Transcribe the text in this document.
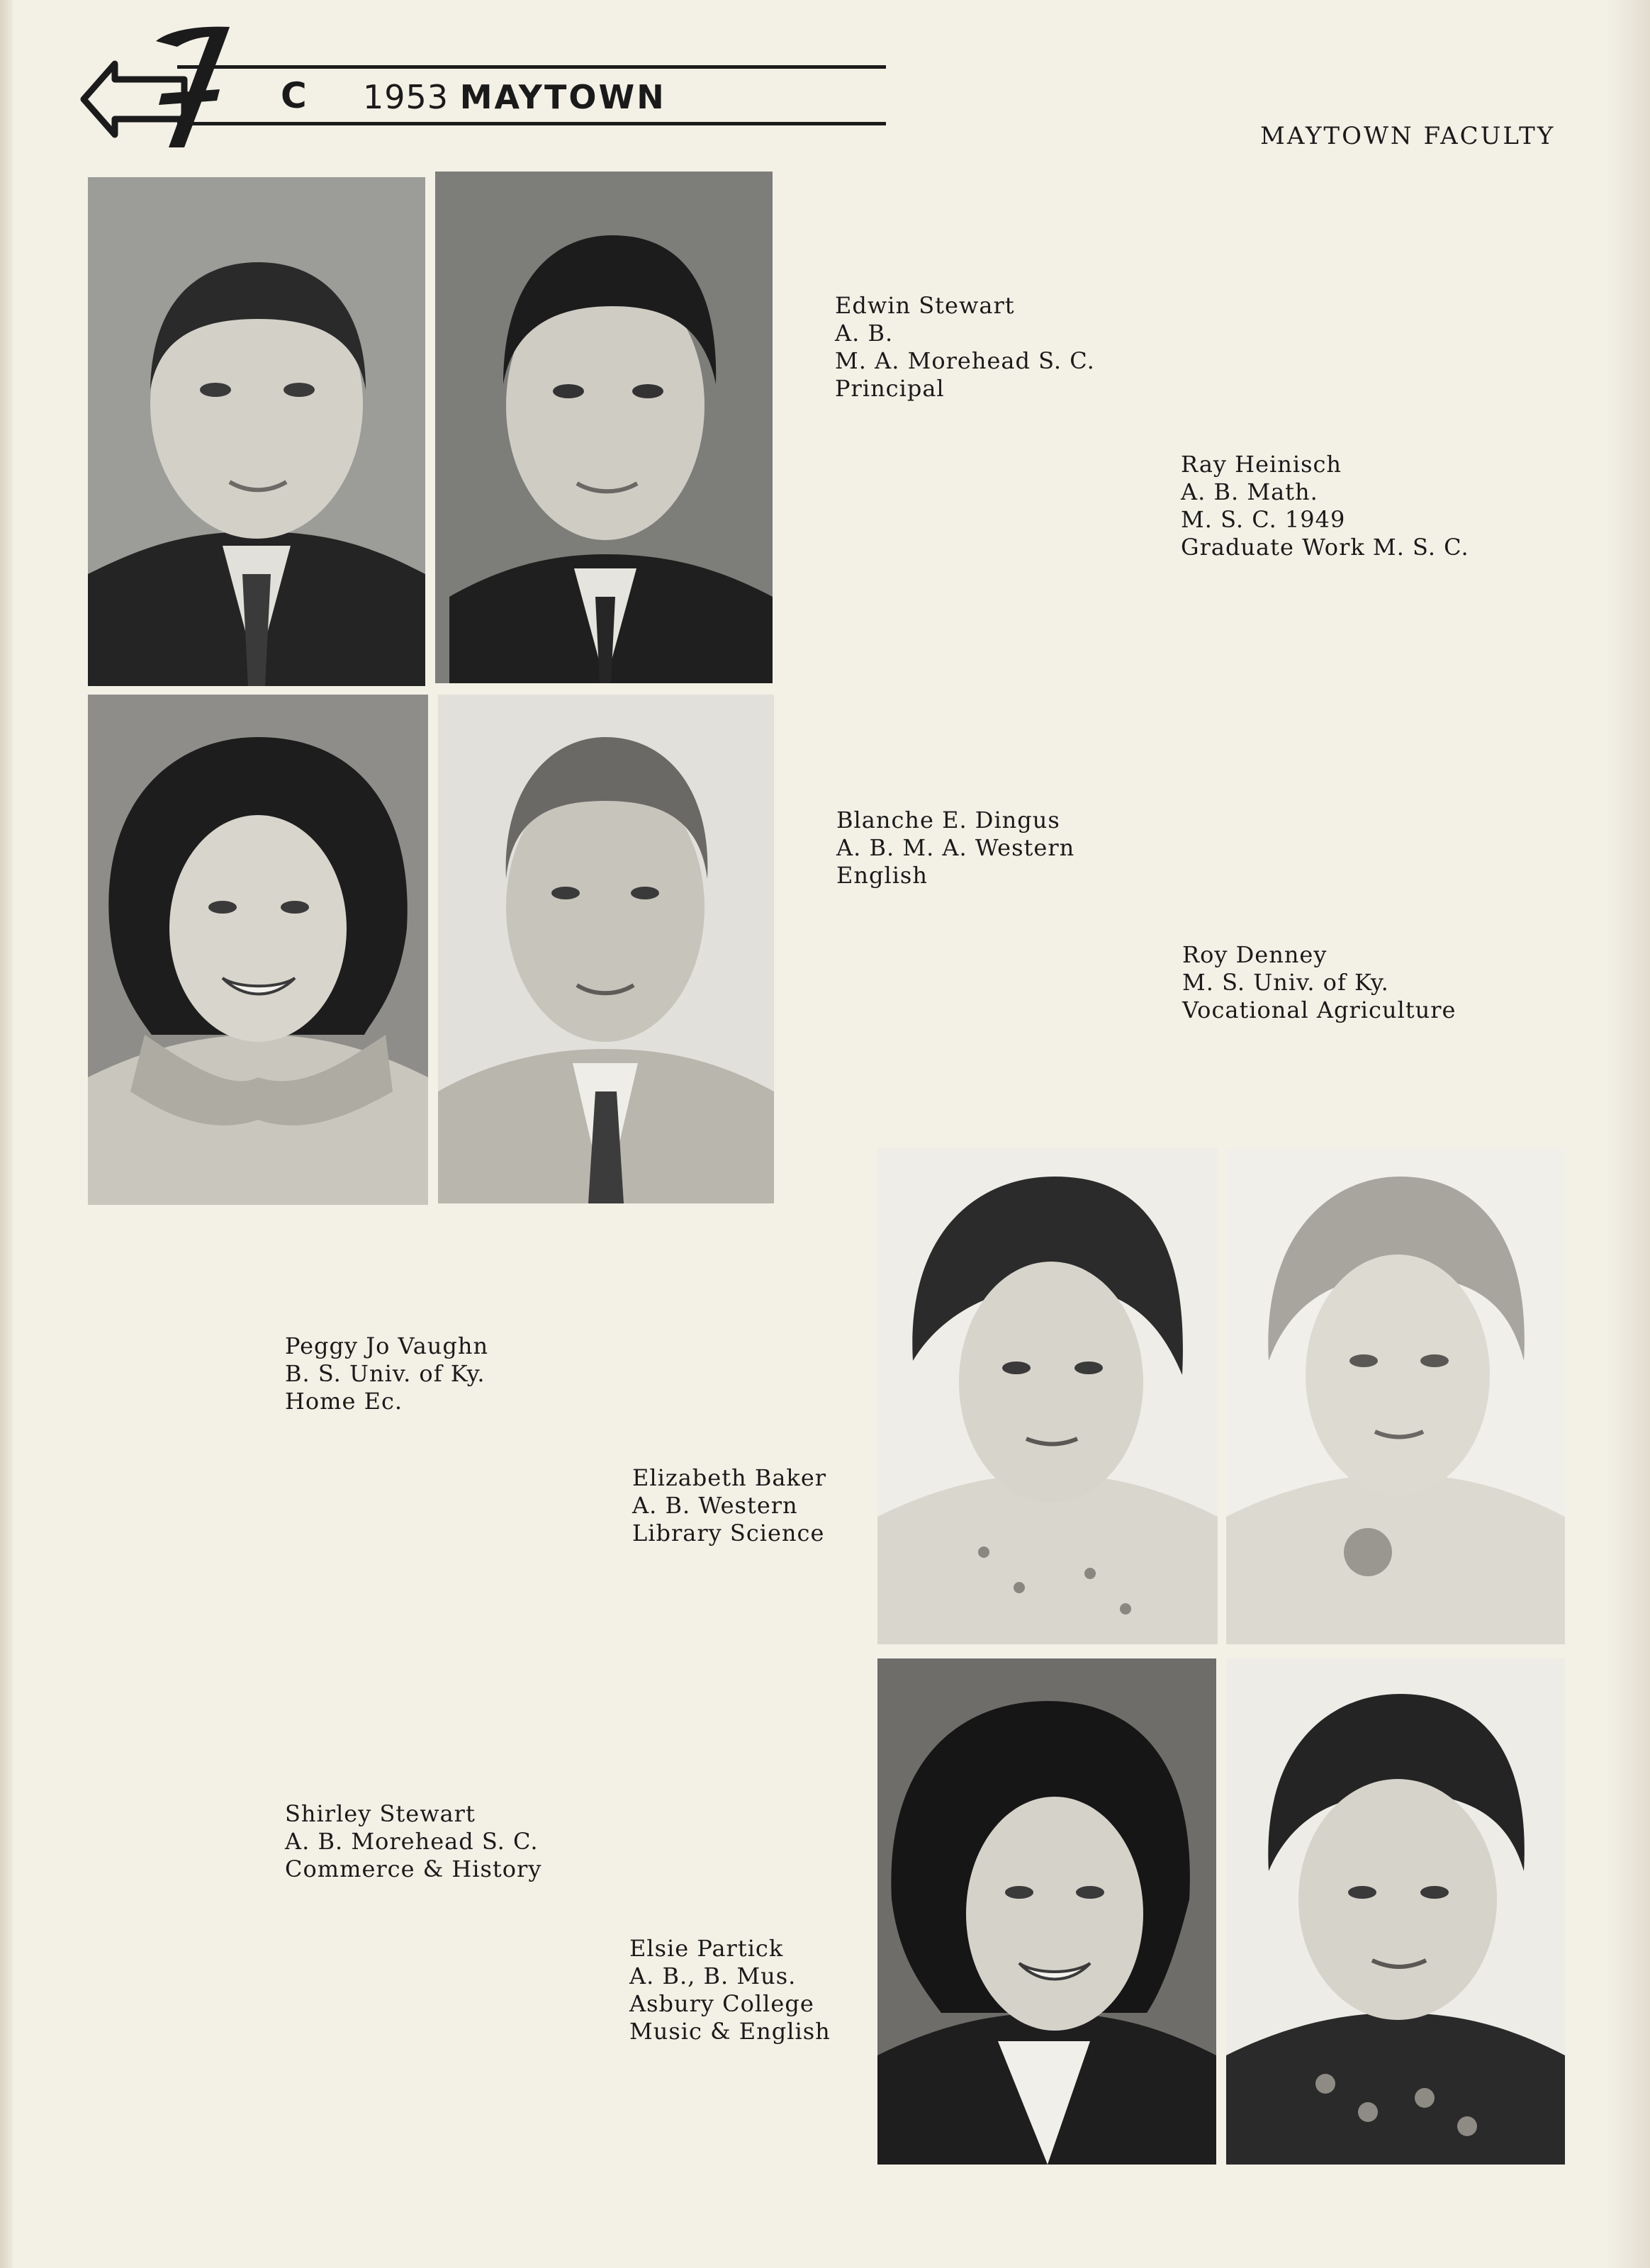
C 1953 MAYTOWN
MAYTOWN FACULTY
Edwin Stewart
A. B.
M. A. Morehead S. C.
Principal
Ray Heinisch
A. B. Math.
M. S. C. 1949
Graduate Work M. S. C.
Blanche E. Dingus
A. B. M. A. Western
English
Roy Denney
M. S. Univ. of Ky.
Vocational Agriculture
Peggy Jo Vaughn
B. S. Univ. of Ky.
Home Ec.
Elizabeth Baker
A. B. Western
Library Science
Shirley Stewart
A. B. Morehead S. C.
Commerce & History
Elsie Partick
A. B., B. Mus.
Asbury College
Music & English
